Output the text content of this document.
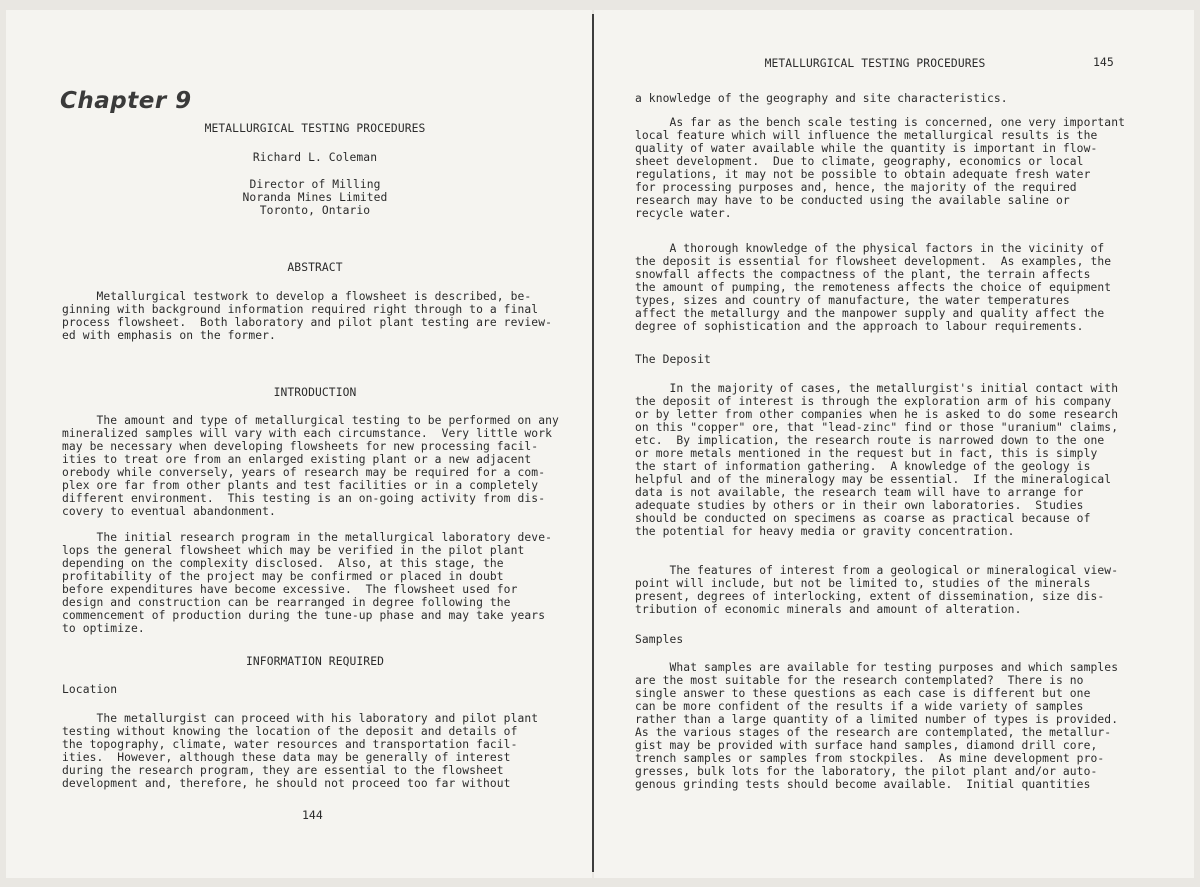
Chapter 9
METALLURGICAL TESTING PROCEDURES
Richard L. Coleman
Director of Milling
Noranda Mines Limited
Toronto, Ontario
ABSTRACT
Metallurgical testwork to develop a flowsheet is described, be-
ginning with background information required right through to a final
process flowsheet.  Both laboratory and pilot plant testing are review-
ed with emphasis on the former.
INTRODUCTION
The amount and type of metallurgical testing to be performed on any
mineralized samples will vary with each circumstance.  Very little work
may be necessary when developing flowsheets for new processing facil-
ities to treat ore from an enlarged existing plant or a new adjacent
orebody while conversely, years of research may be required for a com-
plex ore far from other plants and test facilities or in a completely
different environment.  This testing is an on-going activity from dis-
covery to eventual abandonment.
The initial research program in the metallurgical laboratory deve-
lops the general flowsheet which may be verified in the pilot plant
depending on the complexity disclosed.  Also, at this stage, the
profitability of the project may be confirmed or placed in doubt
before expenditures have become excessive.  The flowsheet used for
design and construction can be rearranged in degree following the
commencement of production during the tune-up phase and may take years
to optimize.
INFORMATION REQUIRED
Location
The metallurgist can proceed with his laboratory and pilot plant
testing without knowing the location of the deposit and details of
the topography, climate, water resources and transportation facil-
ities.  However, although these data may be generally of interest
during the research program, they are essential to the flowsheet
development and, therefore, he should not proceed too far without
144
METALLURGICAL TESTING PROCEDURES	145
a knowledge of the geography and site characteristics.
As far as the bench scale testing is concerned, one very important
local feature which will influence the metallurgical results is the
quality of water available while the quantity is important in flow-
sheet development.  Due to climate, geography, economics or local
regulations, it may not be possible to obtain adequate fresh water
for processing purposes and, hence, the majority of the required
research may have to be conducted using the available saline or
recycle water.
A thorough knowledge of the physical factors in the vicinity of
the deposit is essential for flowsheet development.  As examples, the
snowfall affects the compactness of the plant, the terrain affects
the amount of pumping, the remoteness affects the choice of equipment
types, sizes and country of manufacture, the water temperatures
affect the metallurgy and the manpower supply and quality affect the
degree of sophistication and the approach to labour requirements.
The Deposit
In the majority of cases, the metallurgist's initial contact with
the deposit of interest is through the exploration arm of his company
or by letter from other companies when he is asked to do some research
on this "copper" ore, that "lead-zinc" find or those "uranium" claims,
etc.  By implication, the research route is narrowed down to the one
or more metals mentioned in the request but in fact, this is simply
the start of information gathering.  A knowledge of the geology is
helpful and of the mineralogy may be essential.  If the mineralogical
data is not available, the research team will have to arrange for
adequate studies by others or in their own laboratories.  Studies
should be conducted on specimens as coarse as practical because of
the potential for heavy media or gravity concentration.
The features of interest from a geological or mineralogical view-
point will include, but not be limited to, studies of the minerals
present, degrees of interlocking, extent of dissemination, size dis-
tribution of economic minerals and amount of alteration.
Samples
What samples are available for testing purposes and which samples
are the most suitable for the research contemplated?  There is no
single answer to these questions as each case is different but one
can be more confident of the results if a wide variety of samples
rather than a large quantity of a limited number of types is provided.
As the various stages of the research are contemplated, the metallur-
gist may be provided with surface hand samples, diamond drill core,
trench samples or samples from stockpiles.  As mine development pro-
gresses, bulk lots for the laboratory, the pilot plant and/or auto-
genous grinding tests should become available.  Initial quantities
